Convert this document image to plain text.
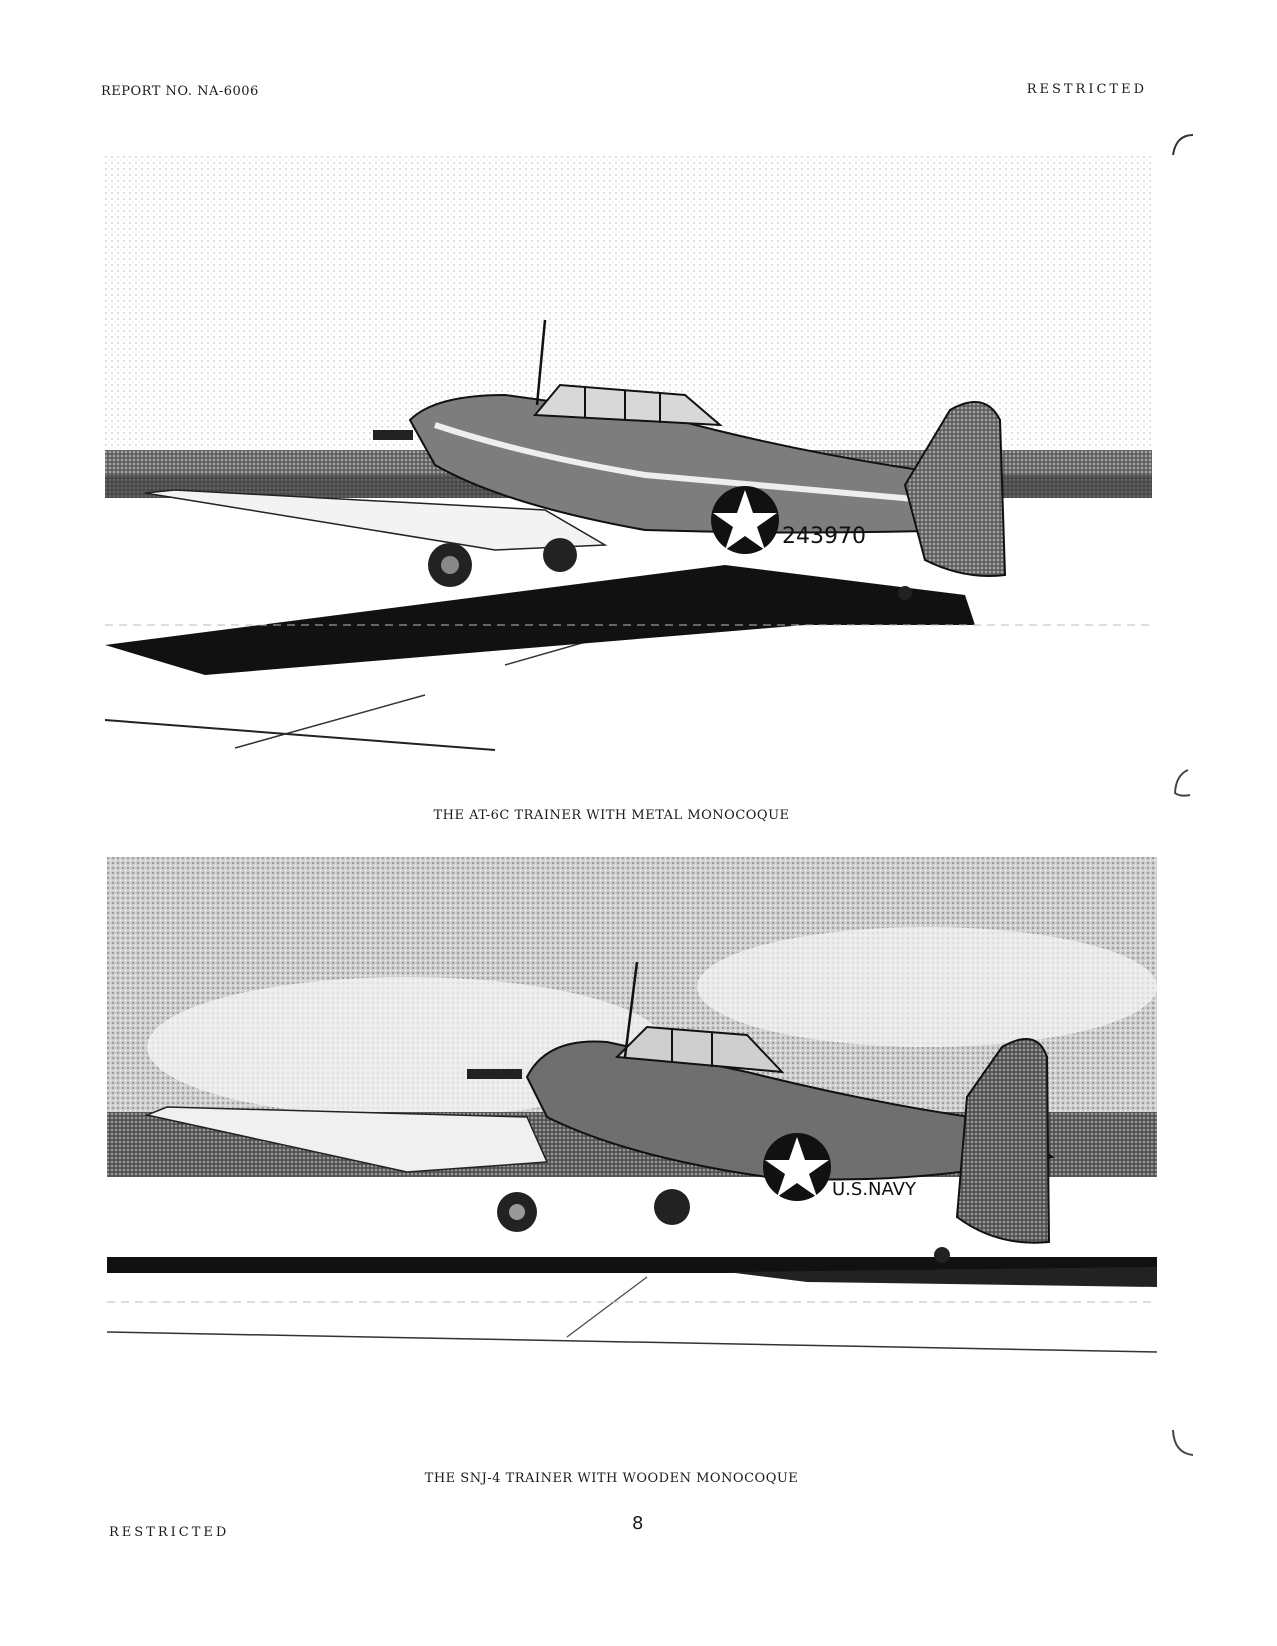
REPORT NO. NA-6006	RESTRICTED
243970
THE AT-6C TRAINER WITH METAL MONOCOQUE
U.S.NAVY
THE SNJ-4 TRAINER WITH WOODEN MONOCOQUE
RESTRICTED	8
